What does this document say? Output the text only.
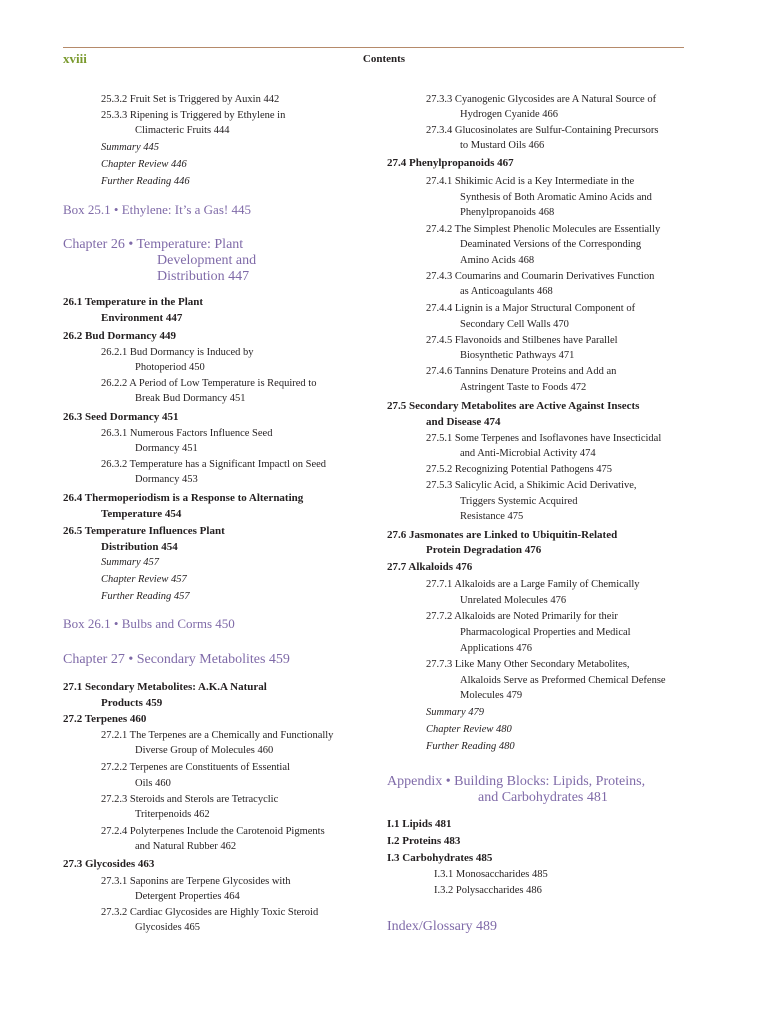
xviii	Contents
25.3.2 Fruit Set is Triggered by Auxin 442
25.3.3 Ripening is Triggered by Ethylene in
Climacteric Fruits 444
Summary 445
Chapter Review 446
Further Reading 446
Box 25.1 • Ethylene: It’s a Gas! 445
Chapter 26 • Temperature: Plant
Development and
Distribution 447
26.1 Temperature in the Plant
Environment 447
26.2 Bud Dormancy 449
26.2.1 Bud Dormancy is Induced by
Photoperiod 450
26.2.2 A Period of Low Temperature is Required to
Break Bud Dormancy 451
26.3 Seed Dormancy 451
26.3.1 Numerous Factors Influence Seed
Dormancy 451
26.3.2 Temperature has a Significant Impactl on Seed
Dormancy 453
26.4 Thermoperiodism is a Response to Alternating
Temperature 454
26.5 Temperature Influences Plant
Distribution 454
Summary 457
Chapter Review 457
Further Reading 457
Box 26.1 • Bulbs and Corms 450
Chapter 27 • Secondary Metabolites 459
27.1 Secondary Metabolites: A.K.A Natural
Products 459
27.2 Terpenes 460
27.2.1 The Terpenes are a Chemically and Functionally
Diverse Group of Molecules 460
27.2.2 Terpenes are Constituents of Essential
Oils 460
27.2.3 Steroids and Sterols are Tetracyclic
Triterpenoids 462
27.2.4 Polyterpenes Include the Carotenoid Pigments
and Natural Rubber 462
27.3 Glycosides 463
27.3.1 Saponins are Terpene Glycosides with
Detergent Properties 464
27.3.2 Cardiac Glycosides are Highly Toxic Steroid
Glycosides 465
27.3.3 Cyanogenic Glycosides are A Natural Source of
Hydrogen Cyanide 466
27.3.4 Glucosinolates are Sulfur-Containing Precursors
to Mustard Oils 466
27.4 Phenylpropanoids 467
27.4.1 Shikimic Acid is a Key Intermediate in the
Synthesis of Both Aromatic Amino Acids and
Phenylpropanoids 468
27.4.2 The Simplest Phenolic Molecules are Essentially
Deaminated Versions of the Corresponding
Amino Acids 468
27.4.3 Coumarins and Coumarin Derivatives Function
as Anticoagulants 468
27.4.4 Lignin is a Major Structural Component of
Secondary Cell Walls 470
27.4.5 Flavonoids and Stilbenes have Parallel
Biosynthetic Pathways 471
27.4.6 Tannins Denature Proteins and Add an
Astringent Taste to Foods 472
27.5 Secondary Metabolites are Active Against Insects
and Disease 474
27.5.1 Some Terpenes and Isoflavones have Insecticidal
and Anti-Microbial Activity 474
27.5.2 Recognizing Potential Pathogens 475
27.5.3 Salicylic Acid, a Shikimic Acid Derivative,
Triggers Systemic Acquired
Resistance 475
27.6 Jasmonates are Linked to Ubiquitin-Related
Protein Degradation 476
27.7 Alkaloids 476
27.7.1 Alkaloids are a Large Family of Chemically
Unrelated Molecules 476
27.7.2 Alkaloids are Noted Primarily for their
Pharmacological Properties and Medical
Applications 476
27.7.3 Like Many Other Secondary Metabolites,
Alkaloids Serve as Preformed Chemical Defense
Molecules 479
Summary 479
Chapter Review 480
Further Reading 480
Appendix • Building Blocks: Lipids, Proteins,
and Carbohydrates 481
I.1 Lipids 481
I.2 Proteins 483
I.3 Carbohydrates 485
I.3.1 Monosaccharides 485
I.3.2 Polysaccharides 486
Index/Glossary 489
